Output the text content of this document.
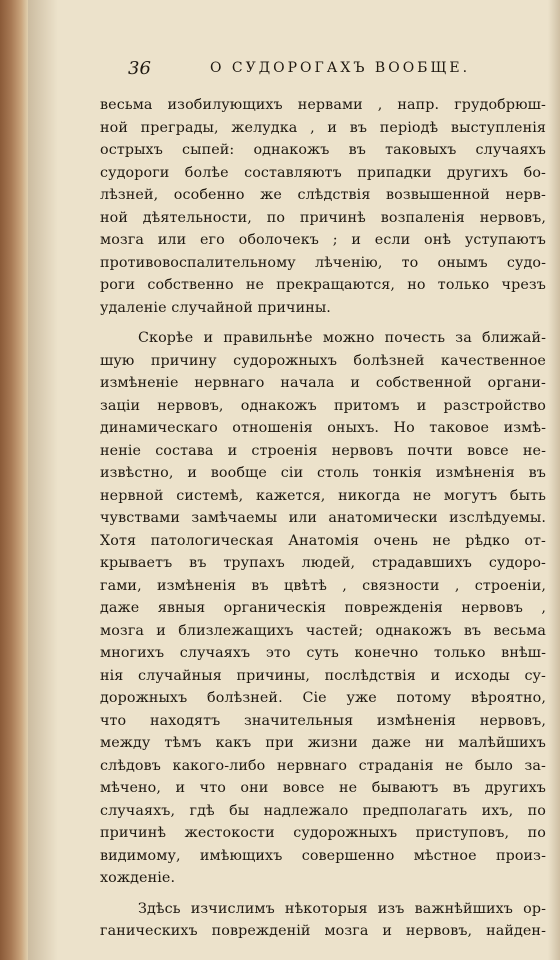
36	О СУДОРОГАХЪ ВООБЩЕ.
весьма изобилующихъ нервами , напр. грудобрюш-
ной преграды, желудка , и въ періодѣ выступленія
острыхъ сыпей: однакожъ въ таковыхъ случаяхъ
судороги болѣе составляютъ припадки другихъ бо-
лѣзней, особенно же слѣдствія возвышенной нерв-
ной дѣятельности, по причинѣ возпаленія нервовъ,
мозга или его оболочекъ ; и если онѣ уступаютъ
противовоспалительному лѣченію, то онымъ судо-
роги собственно не прекращаются, но только чрезъ
удаленіе случайной причины.
Скорѣе и правильнѣе можно почесть за ближай-
шую причину судорожныхъ болѣзней качественное
измѣненіе нервнаго начала и собственной органи-
заціи нервовъ, однакожъ притомъ и разстройство
динамическаго отношенія оныхъ. Но таковое измѣ-
неніе состава и строенія нервовъ почти вовсе не-
извѣстно, и вообще сіи столь тонкія измѣненія въ
нервной системѣ, кажется, никогда не могутъ быть
чувствами замѣчаемы или анатомически изслѣдуемы.
Хотя патологическая Анатомія очень не рѣдко от-
крываетъ въ трупахъ людей, страдавшихъ судоро-
гами, измѣненія въ цвѣтѣ , связности , строеніи,
даже явныя органическія поврежденія нервовъ ,
мозга и близлежащихъ частей; однакожъ въ весьма
многихъ случаяхъ это суть конечно только внѣш-
нія случайныя причины, послѣдствія и исходы су-
дорожныхъ болѣзней. Сіе уже потому вѣроятно,
что находятъ значительныя измѣненія нервовъ,
между тѣмъ какъ при жизни даже ни малѣйшихъ
слѣдовъ какого-либо нервнаго страданія не было за-
мѣчено, и что они вовсе не бываютъ въ другихъ
случаяхъ, гдѣ бы надлежало предполагать ихъ, по
причинѣ жестокости судорожныхъ приступовъ, по
видимому, имѣющихъ совершенно мѣстное произ-
хожденіе.
Здѣсь изчислимъ нѣкоторыя изъ важнѣйшихъ ор-
ганическихъ поврежденій мозга и нервовъ, найден-
